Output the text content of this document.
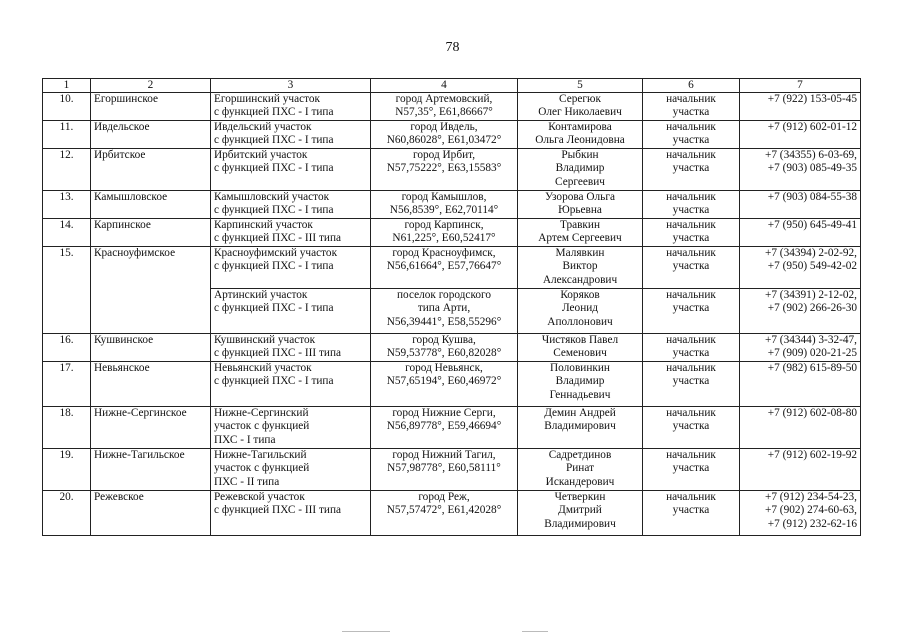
78
1	2	3	4	5	6	7
10.	Егоршинское	Егоршинский участок
с функцией ПХС - I типа	город Артемовский,
N57,35°, E61,86667°	Серегюк
Олег Николаевич	начальник
участка	+7 (922) 153-05-45

11.	Ивдельское	Ивдельский участок
с функцией ПХС - I типа	город Ивдель,
N60,86028°, E61,03472°	Контамирова
Ольга Леонидовна	начальник
участка	+7 (912) 602-01-12

12.	Ирбитское	Ирбитский участок
с функцией ПХС - I типа	город Ирбит,
N57,75222°, E63,15583°	Рыбкин
Владимир
Сергеевич	начальник
участка	+7 (34355) 6-03-69,
+7 (903) 085-49-35

13.	Камышловское	Камышловский участок
с функцией ПХС - I типа	город Камышлов,
N56,8539°, E62,70114°	Узорова Ольга
Юрьевна	начальник
участка	+7 (903) 084-55-38

14.	Карпинское	Карпинский участок
с функцией ПХС - III типа	город Карпинск,
N61,225°, E60,52417°	Травкин
Артем Сергеевич	начальник
участка	+7 (950) 645-49-41

15.	Красноуфимское	Красноуфимский участок
с функцией ПХС - I типа	город Красноуфимск,
N56,61664°, E57,76647°	Малявкин
Виктор
Александрович	начальник
участка	+7 (34394) 2-02-92,
+7 (950) 549-42-02

		Артинский участок
с функцией ПХС - I типа	поселок городского
типа Арти,
N56,39441°, E58,55296°	Коряков
Леонид
Аполлонович	начальник
участка	+7 (34391) 2-12-02,
+7 (902) 266-26-30

16.	Кушвинское	Кушвинский участок
с функцией ПХС - III типа	город Кушва,
N59,53778°, E60,82028°	Чистяков Павел
Семенович	начальник
участка	+7 (34344) 3-32-47,
+7 (909) 020-21-25

17.	Невьянское	Невьянский участок
с функцией ПХС - I типа	город Невьянск,
N57,65194°, E60,46972°	Половинкин
Владимир
Геннадьевич	начальник
участка	+7 (982) 615-89-50

18.	Нижне-Сергинское	Нижне-Сергинский
участок с функцией
ПХС - I типа	город Нижние Серги,
N56,89778°, E59,46694°	Демин Андрей
Владимирович	начальник
участка	+7 (912) 602-08-80

19.	Нижне-Тагильское	Нижне-Тагильский
участок с функцией
ПХС - II типа	город Нижний Тагил,
N57,98778°, E60,58111°	Садретдинов
Ринат
Искандерович	начальник
участка	+7 (912) 602-19-92

20.	Режевское	Режевской участок
с функцией ПХС - III типа	город Реж,
N57,57472°, E61,42028°	Четверкин
Дмитрий
Владимирович	начальник
участка	+7 (912) 234-54-23,
+7 (902) 274-60-63,
+7 (912) 232-62-16
